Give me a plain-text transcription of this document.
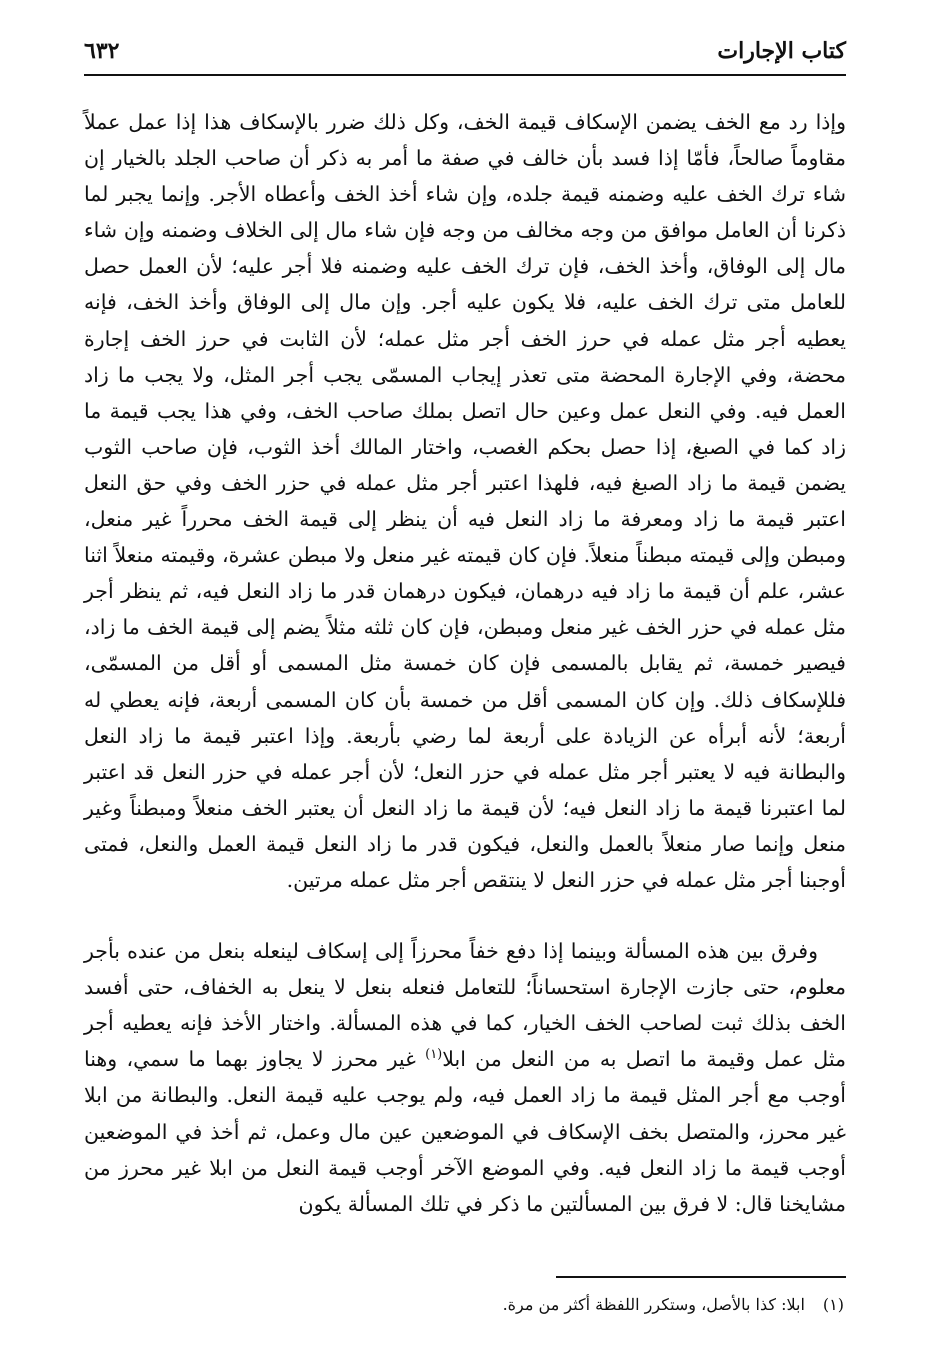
كتاب الإجارات
٦٣٢

وإذا رد مع الخف يضمن الإسكاف قيمة الخف، وكل ذلك ضرر بالإسكاف هذا إذا عمل عملاً مقاوماً صالحاً، فأمّا إذا فسد بأن خالف في صفة ما أمر به ذكر أن صاحب الجلد بالخيار إن شاء ترك الخف عليه وضمنه قيمة جلده، وإن شاء أخذ الخف وأعطاه الأجر. وإنما يجبر لما ذكرنا أن العامل موافق من وجه مخالف من وجه فإن شاء مال إلى الخلاف وضمنه وإن شاء مال إلى الوفاق، وأخذ الخف، فإن ترك الخف عليه وضمنه فلا أجر عليه؛ لأن العمل حصل للعامل متى ترك الخف عليه، فلا يكون عليه أجر. وإن مال إلى الوفاق وأخذ الخف، فإنه يعطيه أجر مثل عمله في حرز الخف أجر مثل عمله؛ لأن الثابت في حرز الخف إجارة محضة، وفي الإجارة المحضة متى تعذر إيجاب المسمّى يجب أجر المثل، ولا يجب ما زاد العمل فيه. وفي النعل عمل وعين حال اتصل بملك صاحب الخف، وفي هذا يجب قيمة ما زاد كما في الصبغ، إذا حصل بحكم الغصب، واختار المالك أخذ الثوب، فإن صاحب الثوب يضمن قيمة ما زاد الصبغ فيه، فلهذا اعتبر أجر مثل عمله في حزر الخف وفي حق النعل اعتبر قيمة ما زاد ومعرفة ما زاد النعل فيه أن ينظر إلى قيمة الخف محرراً غير منعل، ومبطن وإلى قيمته مبطناً منعلاً. فإن كان قيمته غير منعل ولا مبطن عشرة، وقيمته منعلاً اثنا عشر، علم أن قيمة ما زاد فيه درهمان، فيكون درهمان قدر ما زاد النعل فيه، ثم ينظر أجر مثل عمله في حزر الخف غير منعل ومبطن، فإن كان ثلثه مثلاً يضم إلى قيمة الخف ما زاد، فيصير خمسة، ثم يقابل بالمسمى فإن كان خمسة مثل المسمى أو أقل من المسمّى، فللإسكاف ذلك. وإن كان المسمى أقل من خمسة بأن كان المسمى أربعة، فإنه يعطي له أربعة؛ لأنه أبرأه عن الزيادة على أربعة لما رضي بأربعة. وإذا اعتبر قيمة ما زاد النعل والبطانة فيه لا يعتبر أجر مثل عمله في حزر النعل؛ لأن أجر عمله في حزر النعل قد اعتبر لما اعتبرنا قيمة ما زاد النعل فيه؛ لأن قيمة ما زاد النعل أن يعتبر الخف منعلاً ومبطناً وغير منعل وإنما صار منعلاً بالعمل والنعل، فيكون قدر ما زاد النعل قيمة العمل والنعل، فمتى أوجبنا أجر مثل عمله في حزر النعل لا ينتقص أجر مثل عمله مرتين.

وفرق بين هذه المسألة وبينما إذا دفع خفاً محرزاً إلى إسكاف لينعله بنعل من عنده بأجر معلوم، حتى جازت الإجارة استحساناً؛ للتعامل فنعله بنعل لا ينعل به الخفاف، حتى أفسد الخف بذلك ثبت لصاحب الخف الخيار، كما في هذه المسألة. واختار الأخذ فإنه يعطيه أجر مثل عمل وقيمة ما اتصل به من النعل من ابلا$^{(١)}$ غير محرز لا يجاوز بهما ما سمي، وهنا أوجب مع أجر المثل قيمة ما زاد العمل فيه، ولم يوجب عليه قيمة النعل. والبطانة من ابلا غير محرز، والمتصل بخف الإسكاف في الموضعين عين مال وعمل، ثم أخذ في الموضعين أوجب قيمة ما زاد النعل فيه. وفي الموضع الآخر أوجب قيمة النعل من ابلا غير محرز من مشايخنا قال: لا فرق بين المسألتين ما ذكر في تلك المسألة يكون

(١)ابلا: كذا بالأصل، وستكرر اللفظة أكثر من مرة.
